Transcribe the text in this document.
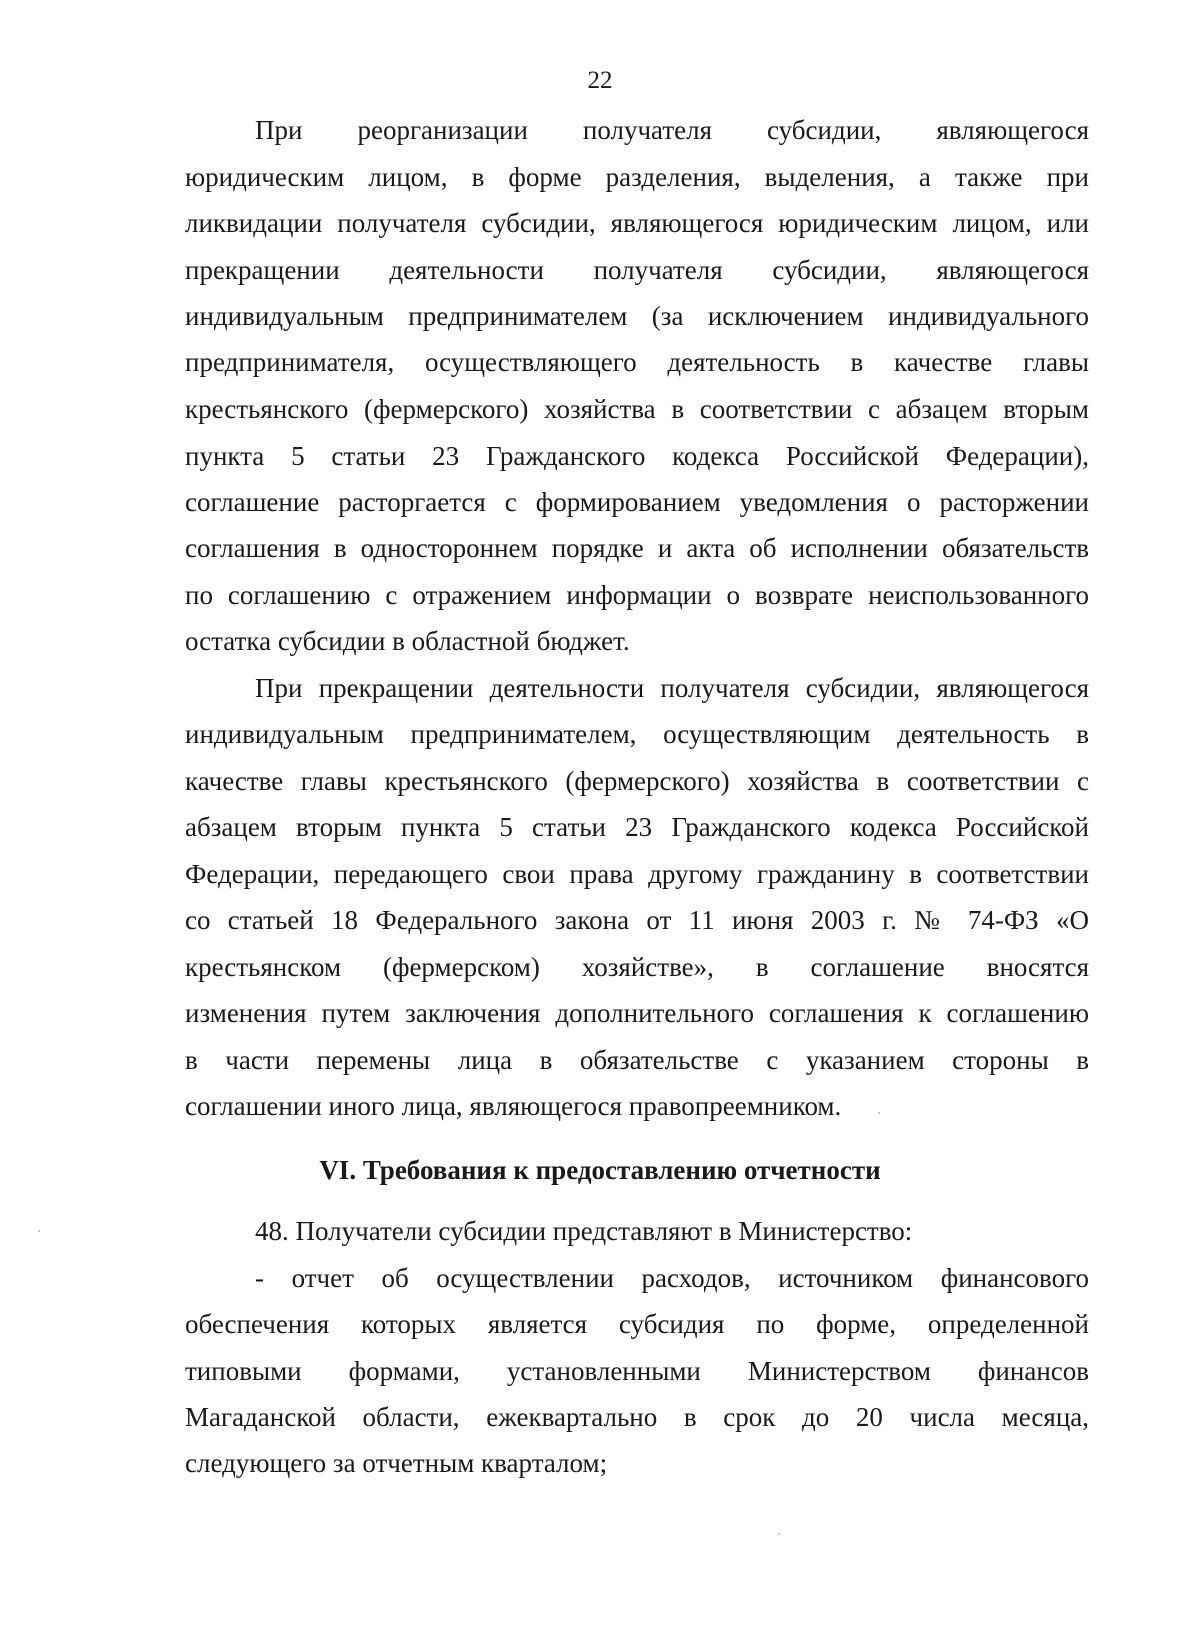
22
При реорганизации получателя субсидии, являющегося
юридическим лицом, в форме разделения, выделения, а также при
ликвидации получателя субсидии, являющегося юридическим лицом, или
прекращении деятельности получателя субсидии, являющегося
индивидуальным предпринимателем (за исключением индивидуального
предпринимателя, осуществляющего деятельность в качестве главы
крестьянского (фермерского) хозяйства в соответствии с абзацем вторым
пункта 5 статьи 23 Гражданского кодекса Российской Федерации),
соглашение расторгается с формированием уведомления о расторжении
соглашения в одностороннем порядке и акта об исполнении обязательств
по соглашению с отражением информации о возврате неиспользованного
остатка субсидии в областной бюджет.
При прекращении деятельности получателя субсидии, являющегося
индивидуальным предпринимателем, осуществляющим деятельность в
качестве главы крестьянского (фермерского) хозяйства в соответствии с
абзацем вторым пункта 5 статьи 23 Гражданского кодекса Российской
Федерации, передающего свои права другому гражданину в соответствии
со статьей 18 Федерального закона от 11 июня 2003 г. № 74-ФЗ «О
крестьянском (фермерском) хозяйстве», в соглашение вносятся
изменения путем заключения дополнительного соглашения к соглашению
в части перемены лица в обязательстве с указанием стороны в
соглашении иного лица, являющегося правопреемником.
VI. Требования к предоставлению отчетности
48. Получатели субсидии представляют в Министерство:
- отчет об осуществлении расходов, источником финансового
обеспечения которых является субсидия по форме, определенной
типовыми формами, установленными Министерством финансов
Магаданской области, ежеквартально в срок до 20 числа месяца,
следующего за отчетным кварталом;
